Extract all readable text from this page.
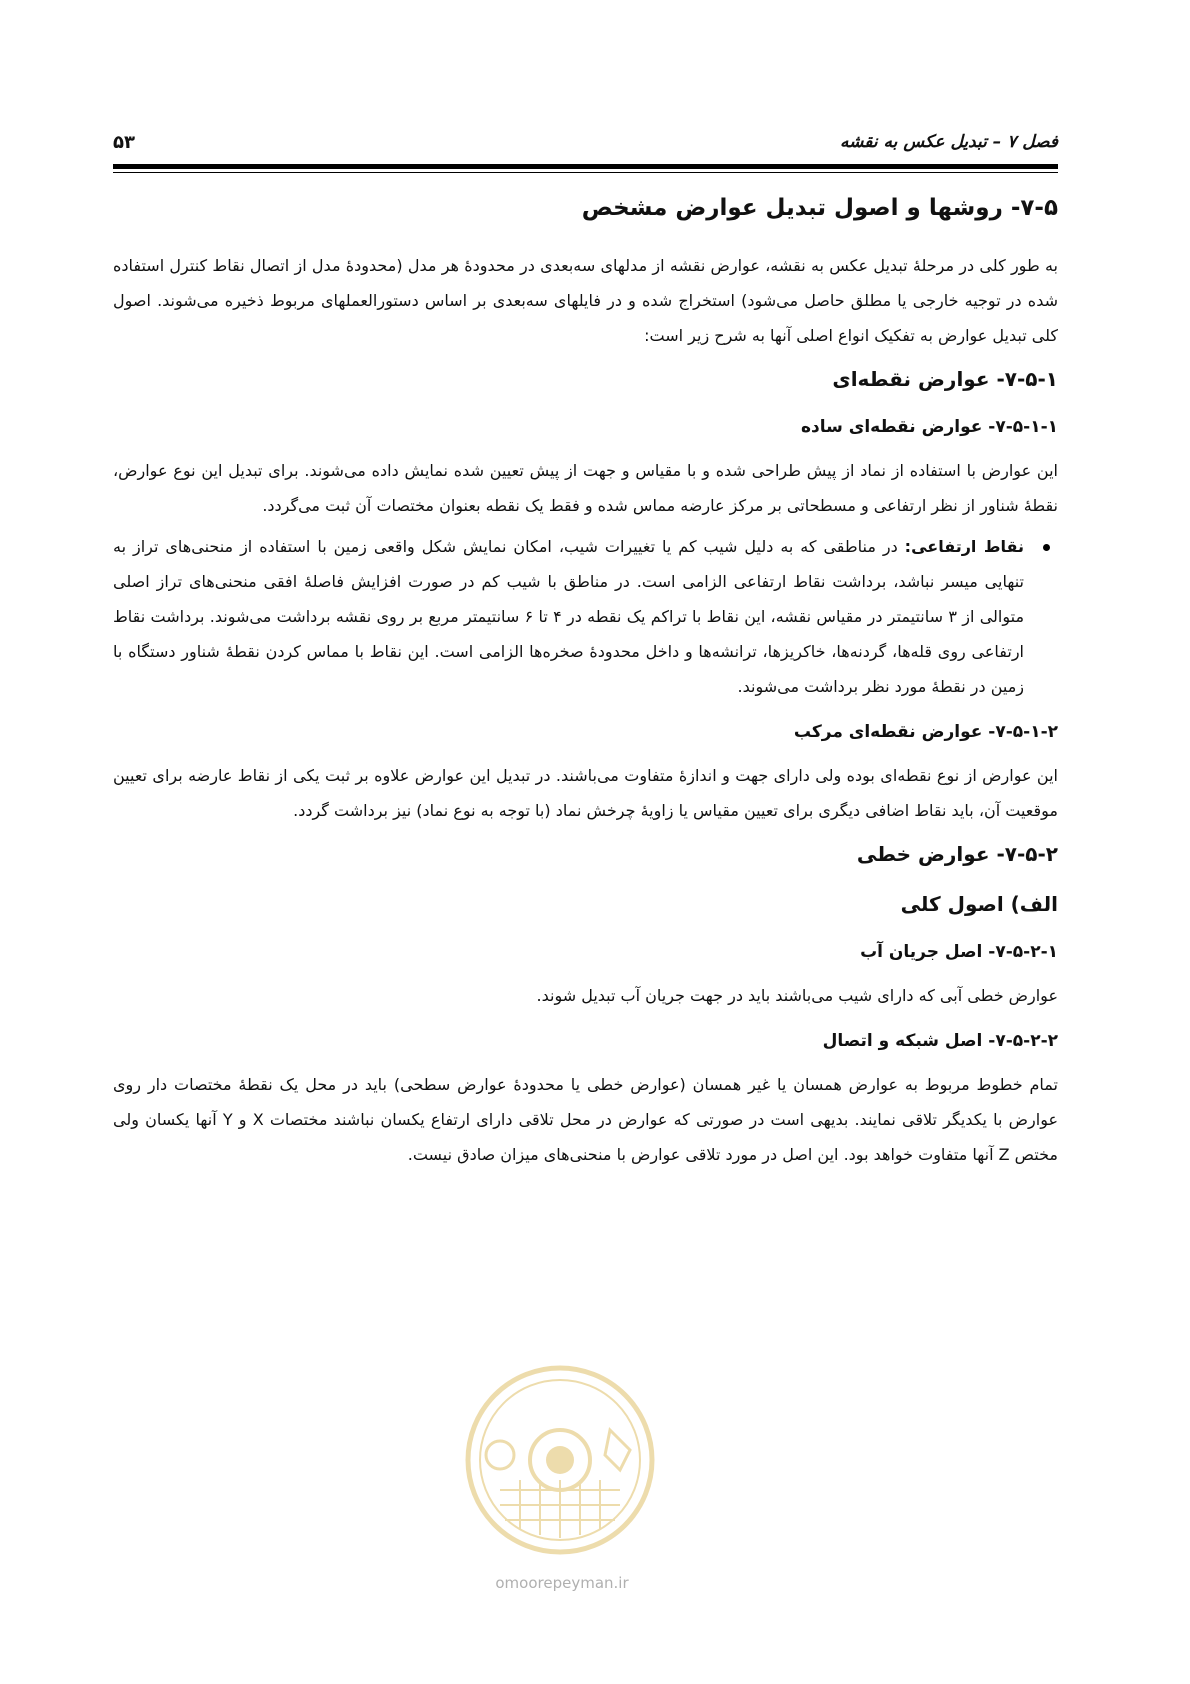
۵۳	فصل ۷ – تبدیل عکس به نقشه
۷-۵- روشها و اصول تبدیل عوارض مشخص

به طور کلی در مرحلهٔ تبدیل عکس به نقشه، عوارض نقشه از مدلهای سه‌بعدی در محدودهٔ هر مدل (محدودهٔ مدل از اتصال نقاط کنترل استفاده شده در توجیه خارجی یا مطلق حاصل می‌شود) استخراج شده و در فایلهای سه‌بعدی بر اساس دستورالعملهای مربوط ذخیره می‌شوند. اصول کلی تبدیل عوارض به تفکیک انواع اصلی آنها به شرح زیر است:

۷-۵-۱- عوارض نقطه‌ای
۷-۵-۱-۱- عوارض نقطه‌ای ساده

این عوارض با استفاده از نماد از پیش طراحی شده و با مقیاس و جهت از پیش تعیین شده نمایش داده می‌شوند. برای تبدیل این نوع عوارض، نقطهٔ شناور از نظر ارتفاعی و مسطحاتی بر مرکز عارضه مماس شده و فقط یک نقطه بعنوان مختصات آن ثبت می‌گردد.

نقاط ارتفاعی: در مناطقی که به دلیل شیب کم یا تغییرات شیب، امکان نمایش شکل واقعی زمین با استفاده از منحنی‌های تراز به تنهایی میسر نباشد، برداشت نقاط ارتفاعی الزامی است. در مناطق با شیب کم در صورت افزایش فاصلهٔ افقی منحنی‌های تراز اصلی متوالی از ۳ سانتیمتر در مقیاس نقشه، این نقاط با تراکم یک نقطه در ۴ تا ۶ سانتیمتر مربع بر روی نقشه برداشت می‌شوند. برداشت نقاط ارتفاعی روی قله‌ها، گردنه‌ها، خاکریزها، ترانشه‌ها و داخل محدودهٔ صخره‌ها الزامی است. این نقاط با مماس کردن نقطهٔ شناور دستگاه با زمین در نقطهٔ مورد نظر برداشت می‌شوند.
۷-۵-۱-۲- عوارض نقطه‌ای مرکب

این عوارض از نوع نقطه‌ای بوده ولی دارای جهت و اندازهٔ متفاوت می‌باشند. در تبدیل این عوارض علاوه بر ثبت یکی از نقاط عارضه برای تعیین موقعیت آن، باید نقاط اضافی دیگری برای تعیین مقیاس یا زاویهٔ چرخش نماد (با توجه به نوع نماد) نیز برداشت گردد.

۷-۵-۲- عوارض خطی
الف) اصول کلی
۷-۵-۲-۱- اصل جریان آب

عوارض خطی آبی که دارای شیب می‌باشند باید در جهت جریان آب تبدیل شوند.

۷-۵-۲-۲- اصل شبکه و اتصال

تمام خطوط مربوط به عوارض همسان یا غیر همسان (عوارض خطی یا محدودهٔ عوارض سطحی) باید در محل یک نقطهٔ مختصات دار روی عوارض با یکدیگر تلاقی نمایند. بدیهی است در صورتی که عوارض در محل تلاقی دارای ارتفاع یکسان نباشند مختصات X و Y آنها یکسان ولی مختص Z آنها متفاوت خواهد بود. این اصل در مورد تلاقی عوارض با منحنی‌های میزان صادق نیست.

omoorepeyman.ir
